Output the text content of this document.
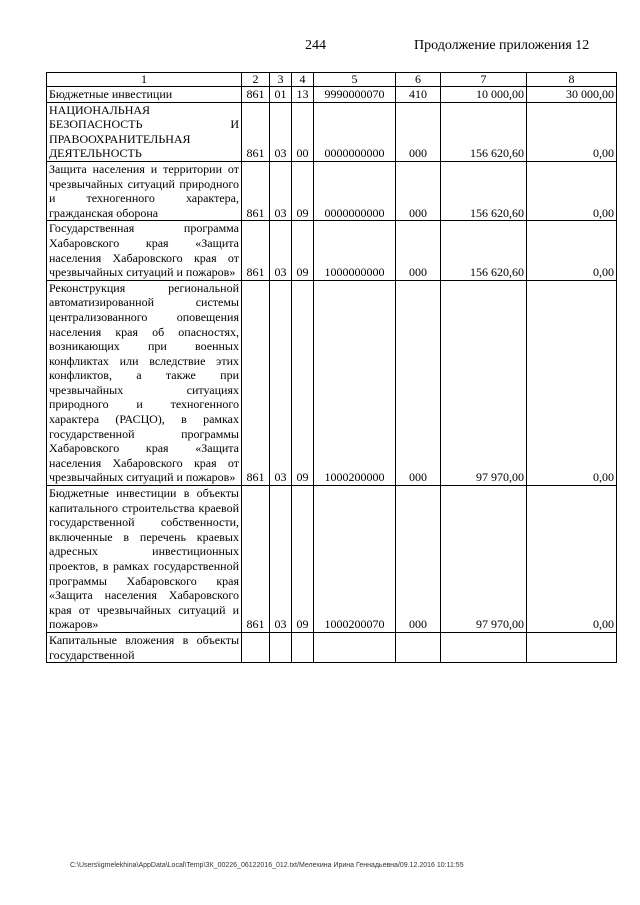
244	Продолжение приложения 12
1	2	3	4	5	6	7	8
Бюджетные инвестиции	861	01	13	9990000070	410	10 000,00	30 000,00
НАЦИОНАЛЬНАЯ БЕЗОПАСНОСТЬ И ПРАВООХРАНИТЕЛЬНАЯ ДЕЯТЕЛЬНОСТЬ	861	03	00	0000000000	000	156 620,60	0,00
Защита населения и территории от чрезвычайных ситуаций природного и техногенного характера, гражданская оборона	861	03	09	0000000000	000	156 620,60	0,00
Государственная программа Хабаровского края «Защита населения Хабаровского края от чрезвычайных ситуаций и пожаров»	861	03	09	1000000000	000	156 620,60	0,00
Реконструкция региональной автоматизированной системы централизованного оповещения населения края об опасностях, возникающих при военных конфликтах или вследствие этих конфликтов, а также при чрезвычайных ситуациях природного и техногенного характера (РАСЦО), в рамках государственной программы Хабаровского края «Защита населения Хабаровского края от чрезвычайных ситуаций и пожаров»	861	03	09	1000200000	000	97 970,00	0,00
Бюджетные инвестиции в объекты капитального строительства краевой государственной собственности, включенные в перечень краевых адресных инвестиционных проектов, в рамках государственной программы Хабаровского края «Защита населения Хабаровского края от чрезвычайных ситуаций и пожаров»	861	03	09	1000200070	000	97 970,00	0,00
Капитальные вложения в объекты государственной							
C:\Users\igmelekhina\AppData\Local\Temp\ЗК_00226_06122016_012.txt/Мелехина Ирина Геннадьевна/09.12.2016 10:11:55
